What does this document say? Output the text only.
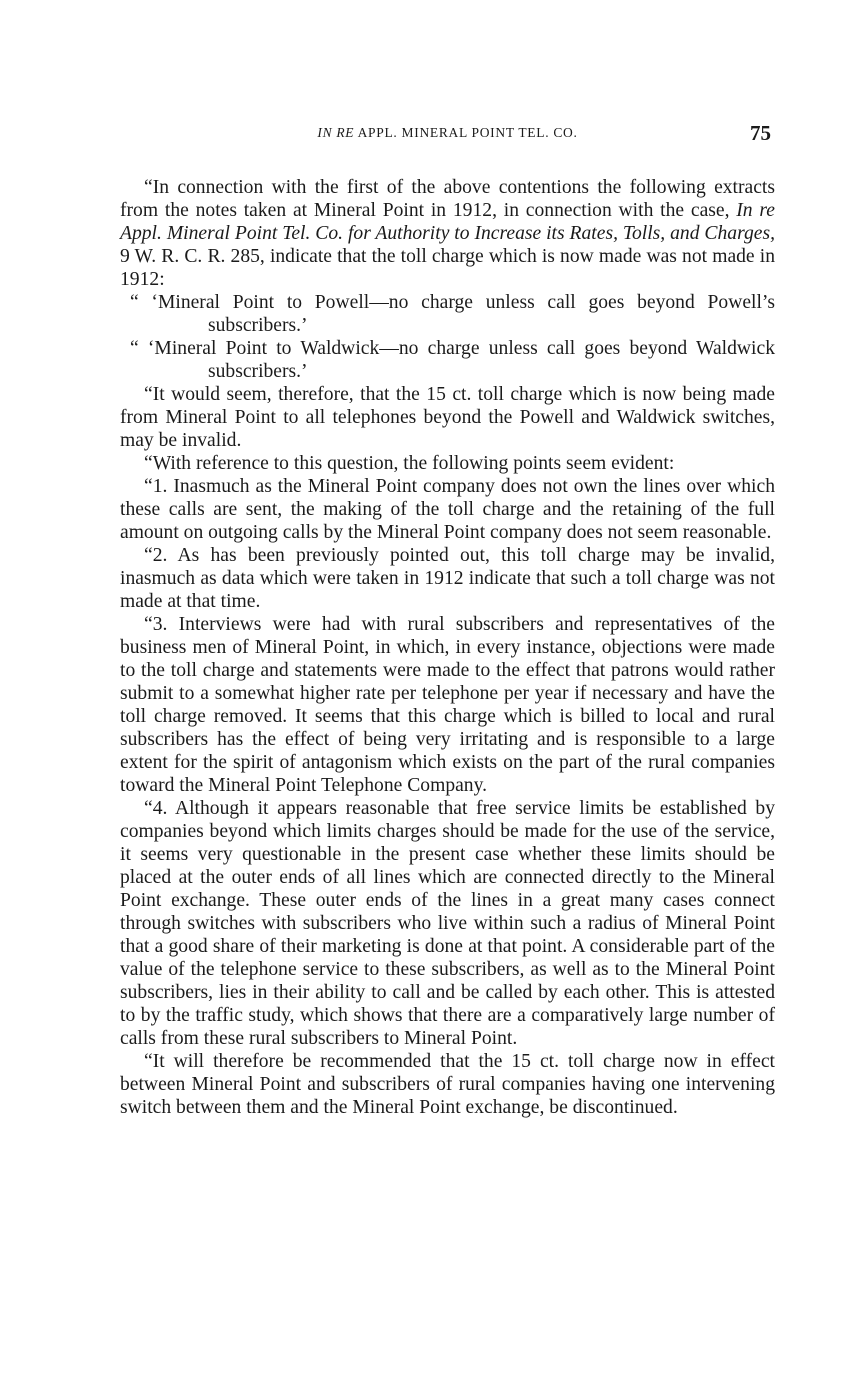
IN RE APPL. MINERAL POINT TEL. CO.	75

“In connection with the first of the above contentions the following extracts from the notes taken at Mineral Point in 1912, in connection with the case, In re Appl. Mineral Point Tel. Co. for Authority to Increase its Rates, Tolls, and Charges, 9 W. R. C. R. 285, indicate that the toll charge which is now made was not made in 1912:

“ ‘Mineral Point to Powell—no charge unless call goes beyond Powell’s subscribers.’

“ ‘Mineral Point to Waldwick—no charge unless call goes beyond Waldwick subscribers.’

“It would seem, therefore, that the 15 ct. toll charge which is now being made from Mineral Point to all telephones beyond the Powell and Waldwick switches, may be invalid.

“With reference to this question, the following points seem evident:

“1. Inasmuch as the Mineral Point company does not own the lines over which these calls are sent, the making of the toll charge and the retaining of the full amount on outgoing calls by the Mineral Point company does not seem reasonable.

“2. As has been previously pointed out, this toll charge may be invalid, inasmuch as data which were taken in 1912 indicate that such a toll charge was not made at that time.

“3. Interviews were had with rural subscribers and representatives of the business men of Mineral Point, in which, in every instance, objections were made to the toll charge and statements were made to the effect that patrons would rather submit to a somewhat higher rate per telephone per year if necessary and have the toll charge removed. It seems that this charge which is billed to local and rural subscribers has the effect of being very irritating and is responsible to a large extent for the spirit of antagonism which exists on the part of the rural companies toward the Mineral Point Telephone Company.

“4. Although it appears reasonable that free service limits be established by companies beyond which limits charges should be made for the use of the service, it seems very questionable in the present case whether these limits should be placed at the outer ends of all lines which are connected directly to the Mineral Point exchange. These outer ends of the lines in a great many cases connect through switches with subscribers who live within such a radius of Mineral Point that a good share of their marketing is done at that point. A considerable part of the value of the telephone service to these subscribers, as well as to the Mineral Point subscribers, lies in their ability to call and be called by each other. This is attested to by the traffic study, which shows that there are a comparatively large number of calls from these rural subscribers to Mineral Point.

“It will therefore be recommended that the 15 ct. toll charge now in effect between Mineral Point and subscribers of rural companies having one intervening switch between them and the Mineral Point exchange, be discontinued.
